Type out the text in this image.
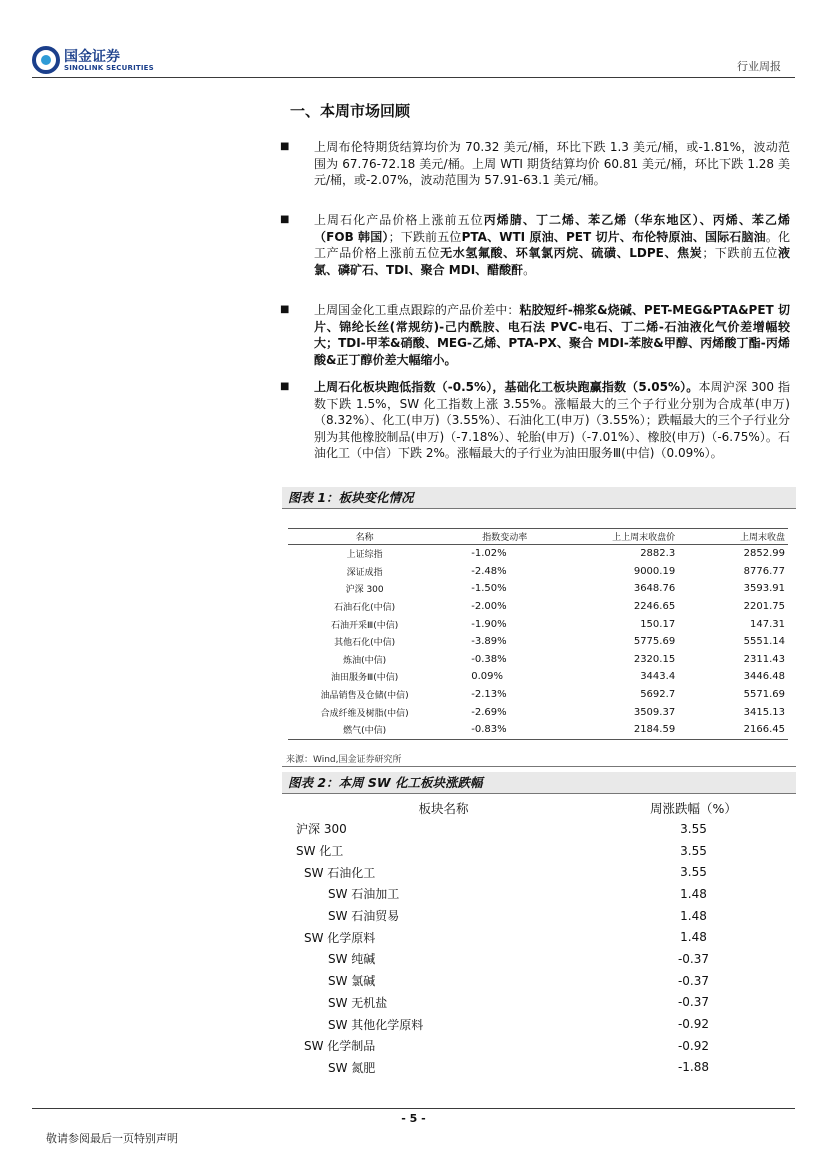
国金证券
SINOLINK SECURITIES	行业周报
一、本周市场回顾
■ 上周布伦特期货结算均价为 70.32 美元/桶，环比下跌 1.3 美元/桶，或-1.81%，波动范围为 67.76-72.18 美元/桶。上周 WTI 期货结算均价 60.81 美元/桶，环比下跌 1.28 美元/桶，或-2.07%，波动范围为 57.91-63.1 美元/桶。
■ 上周石化产品价格上涨前五位丙烯腈、丁二烯、苯乙烯（华东地区）、丙烯、苯乙烯（FOB 韩国）；下跌前五位PTA、WTI 原油、PET 切片、布伦特原油、国际石脑油。化工产品价格上涨前五位无水氢氟酸、环氧氯丙烷、硫磺、LDPE、焦炭；下跌前五位液氯、磷矿石、TDI、聚合 MDI、醋酸酐。
■ 上周国金化工重点跟踪的产品价差中：粘胶短纤-棉浆&烧碱、PET-MEG&PTA&PET 切片、锦纶长丝(常规纺)-己内酰胺、电石法 PVC-电石、丁二烯-石油液化气价差增幅较大；TDI-甲苯&硝酸、MEG-乙烯、PTA-PX、聚合 MDI-苯胺&甲醇、丙烯酸丁酯-丙烯酸&正丁醇价差大幅缩小。
■ 上周石化板块跑低指数（-0.5%），基础化工板块跑赢指数（5.05%）。本周沪深 300 指数下跌 1.5%，SW 化工指数上涨 3.55%。涨幅最大的三个子行业分别为合成革(申万)（8.32%）、化工(申万)（3.55%）、石油化工(申万)（3.55%）；跌幅最大的三个子行业分别为其他橡胶制品(申万)（-7.18%）、轮胎(申万)（-7.01%）、橡胶(申万)（-6.75%）。石油化工（中信）下跌 2%。涨幅最大的子行业为油田服务Ⅲ(中信)（0.09%）。
图表 1：板块变化情况
名称	指数变动率	上上周末收盘价	上周末收盘
上证综指	-1.02%	2882.3	2852.99
深证成指	-2.48%	9000.19	8776.77
沪深 300	-1.50%	3648.76	3593.91
石油石化(中信)	-2.00%	2246.65	2201.75
石油开采Ⅲ(中信)	-1.90%	150.17	147.31
其他石化(中信)	-3.89%	5775.69	5551.14
炼油(中信)	-0.38%	2320.15	2311.43
油田服务Ⅲ(中信)	0.09%	3443.4	3446.48
油品销售及仓储(中信)	-2.13%	5692.7	5571.69
合成纤维及树脂(中信)	-2.69%	3509.37	3415.13
燃气(中信)	-0.83%	2184.59	2166.45
来源：Wind,国金证券研究所
图表 2：本周 SW 化工板块涨跌幅
板块名称	周涨跌幅（%）
沪深 300	3.55
SW 化工	3.55
SW 石油化工	3.55
SW 石油加工	1.48
SW 石油贸易	1.48
SW 化学原料	1.48
SW 纯碱	-0.37
SW 氯碱	-0.37
SW 无机盐	-0.37
SW 其他化学原料	-0.92
SW 化学制品	-0.92
SW 氮肥	-1.88
- 5 -
敬请参阅最后一页特别声明
